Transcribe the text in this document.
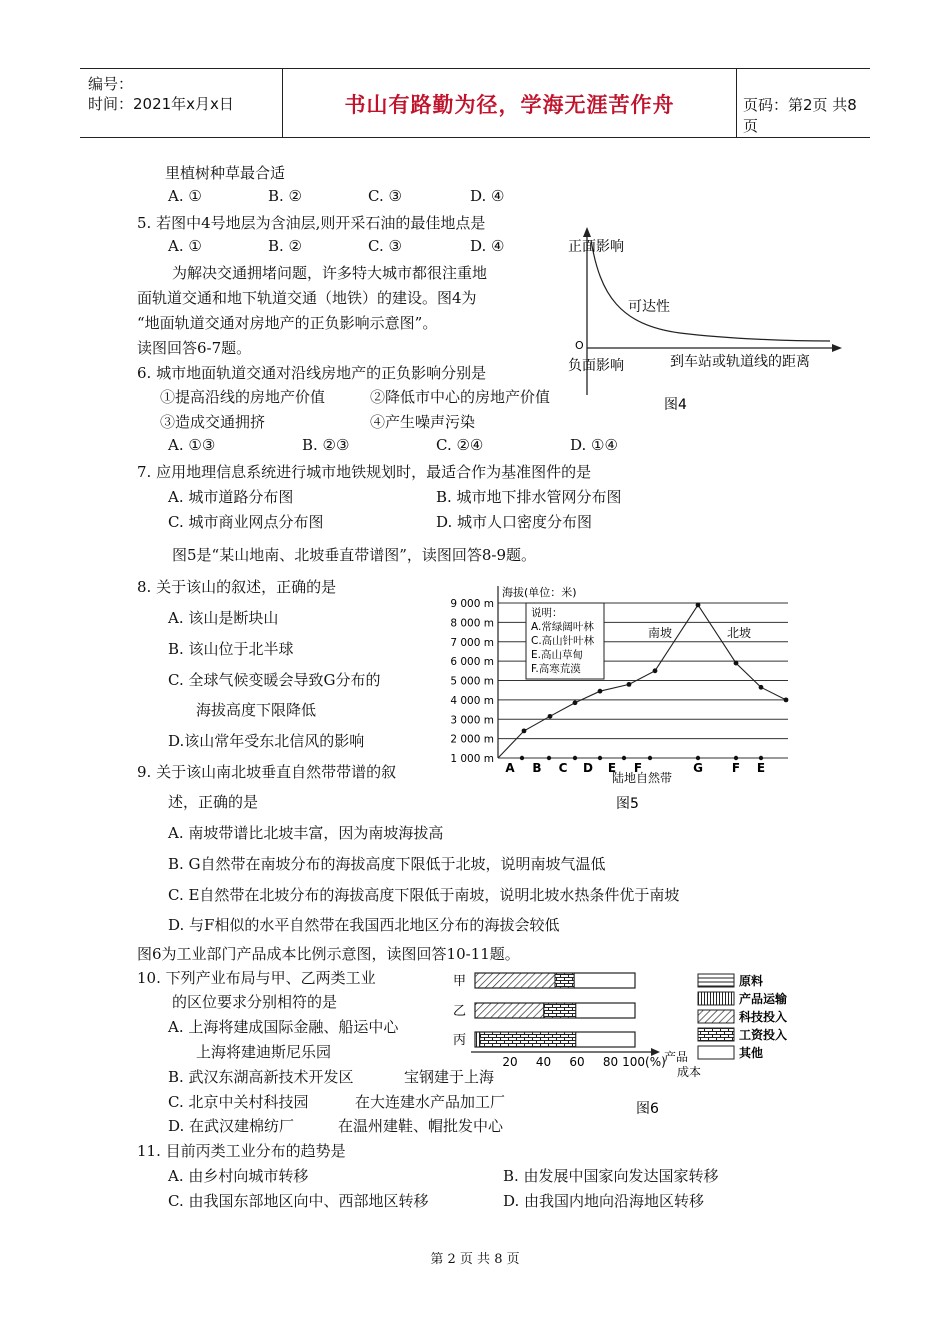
编号：
时间：2021年x月x日	书山有路勤为径，学海无涯苦作舟	页码：第2页 共8页
里植树种草最合适
A. ①	B. ②	C. ③	D. ④
5. 若图中4号地层为含油层,则开采石油的最佳地点是
A. ①	B. ②	C. ③	D. ④
为解决交通拥堵问题，许多特大城市都很注重地
面轨道交通和地下轨道交通（地铁）的建设。图4为
“地面轨道交通对房地产的正负影响示意图”。
读图回答6-7题。
6. 城市地面轨道交通对沿线房地产的正负影响分别是
①提高沿线的房地产价值	②降低市中心的房地产价值
③造成交通拥挤	④产生噪声污染
A. ①③	B. ②③	C. ②④	D. ①④
7. 应用地理信息系统进行城市地铁规划时，最适合作为基准图件的是
A. 城市道路分布图	B. 城市地下排水管网分布图
C. 城市商业网点分布图	D. 城市人口密度分布图
图5是“某山地南、北坡垂直带谱图”，读图回答8-9题。
8. 关于该山的叙述，正确的是
A. 该山是断块山
B. 该山位于北半球
C. 全球气候变暖会导致G分布的
海拔高度下限降低
D.该山常年受东北信风的影响
9. 关于该山南北坡垂直自然带带谱的叙
述，正确的是
A. 南坡带谱比北坡丰富，因为南坡海拔高
B. G自然带在南坡分布的海拔高度下限低于北坡，说明南坡气温低
C. E自然带在北坡分布的海拔高度下限低于南坡，说明北坡水热条件优于南坡
D. 与F相似的水平自然带在我国西北地区分布的海拔会较低
图6为工业部门产品成本比例示意图，读图回答10-11题。
10. 下列产业布局与甲、乙两类工业
的区位要求分别相符的是
A. 上海将建成国际金融、船运中心
上海将建迪斯尼乐园
B. 武汉东湖高新技术开发区	宝钢建于上海
C. 北京中关村科技园	在大连建水产品加工厂
D. 在武汉建棉纺厂	在温州建鞋、帽批发中心
11. 目前丙类工业分布的趋势是
A. 由乡村向城市转移	B. 由发展中国家向发达国家转移
C. 由我国东部地区向中、西部地区转移	D. 由我国内地向沿海地区转移
正面影响
O
负面影响
可达性
到车站或轨道线的距离
图4
9 000 m
8 000 m
7 000 m
6 000 m
5 000 m
4 000 m
3 000 m
2 000 m
1 000 m
海拔(单位：米)
说明：
A.常绿阔叶林
C.高山针叶林
E.高山草甸
F.高寒荒漠
南坡	北坡
A B C D E F	G F E
陆地自然带
图5
甲
乙
丙
20 40 60 80 100(%)
产品
成本
原料
产品运输
科技投入
工资投入
其他
图6
第 2 页 共 8 页
